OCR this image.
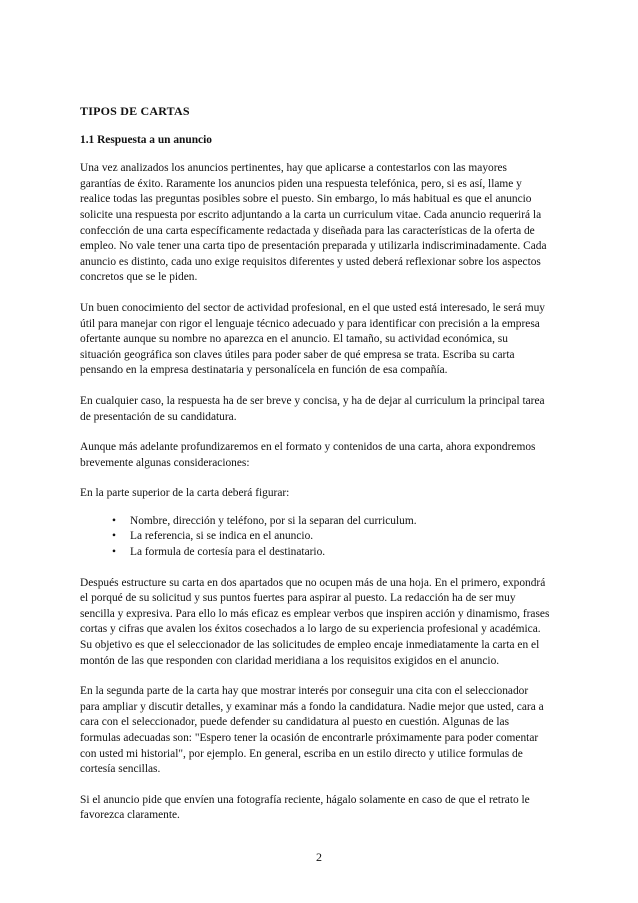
TIPOS DE CARTAS
1.1 Respuesta a un anuncio

Una vez analizados los anuncios pertinentes, hay que aplicarse a contestarlos con las mayores garantías de éxito. Raramente los anuncios piden una respuesta telefónica, pero, si es así, llame y realice todas las preguntas posibles sobre el puesto. Sin embargo, lo más habitual es que el anuncio solicite una respuesta por escrito adjuntando a la carta un curriculum vitae. Cada anuncio requerirá la confección de una carta específicamente redactada y diseñada para las características de la oferta de empleo. No vale tener una carta tipo de presentación preparada y utilizarla indiscriminadamente. Cada anuncio es distinto, cada uno exige requisitos diferentes y usted deberá reflexionar sobre los aspectos concretos que se le piden.

Un buen conocimiento del sector de actividad profesional, en el que usted está interesado, le será muy útil para manejar con rigor el lenguaje técnico adecuado y para identificar con precisión a la empresa ofertante aunque su nombre no aparezca en el anuncio. El tamaño, su actividad económica, su situación geográfica son claves útiles para poder saber de qué empresa se trata. Escriba su carta pensando en la empresa destinataria y personalícela en función de esa compañía.

En cualquier caso, la respuesta ha de ser breve y concisa, y ha de dejar al curriculum la principal tarea de presentación de su candidatura.

Aunque más adelante profundizaremos en el formato y contenidos de una carta, ahora expondremos brevemente algunas consideraciones:

En la parte superior de la carta deberá figurar:

• Nombre, dirección y teléfono, por si la separan del curriculum.
• La referencia, si se indica en el anuncio.
• La formula de cortesía para el destinatario.

Después estructure su carta en dos apartados que no ocupen más de una hoja. En el primero, expondrá el porqué de su solicitud y sus puntos fuertes para aspirar al puesto. La redacción ha de ser muy sencilla y expresiva. Para ello lo más eficaz es emplear verbos que inspiren acción y dinamismo, frases cortas y cifras que avalen los éxitos cosechados a lo largo de su experiencia profesional y académica. Su objetivo es que el seleccionador de las solicitudes de empleo encaje inmediatamente la carta en el montón de las que responden con claridad meridiana a los requisitos exigidos en el anuncio.

En la segunda parte de la carta hay que mostrar interés por conseguir una cita con el seleccionador para ampliar y discutir detalles, y examinar más a fondo la candidatura. Nadie mejor que usted, cara a cara con el seleccionador, puede defender su candidatura al puesto en cuestión. Algunas de las formulas adecuadas son: "Espero tener la ocasión de encontrarle próximamente para poder comentar con usted mi historial", por ejemplo. En general, escriba en un estilo directo y utilice formulas de cortesía sencillas.

Si el anuncio pide que envíen una fotografía reciente, hágalo solamente en caso de que el retrato le favorezca claramente.

2
